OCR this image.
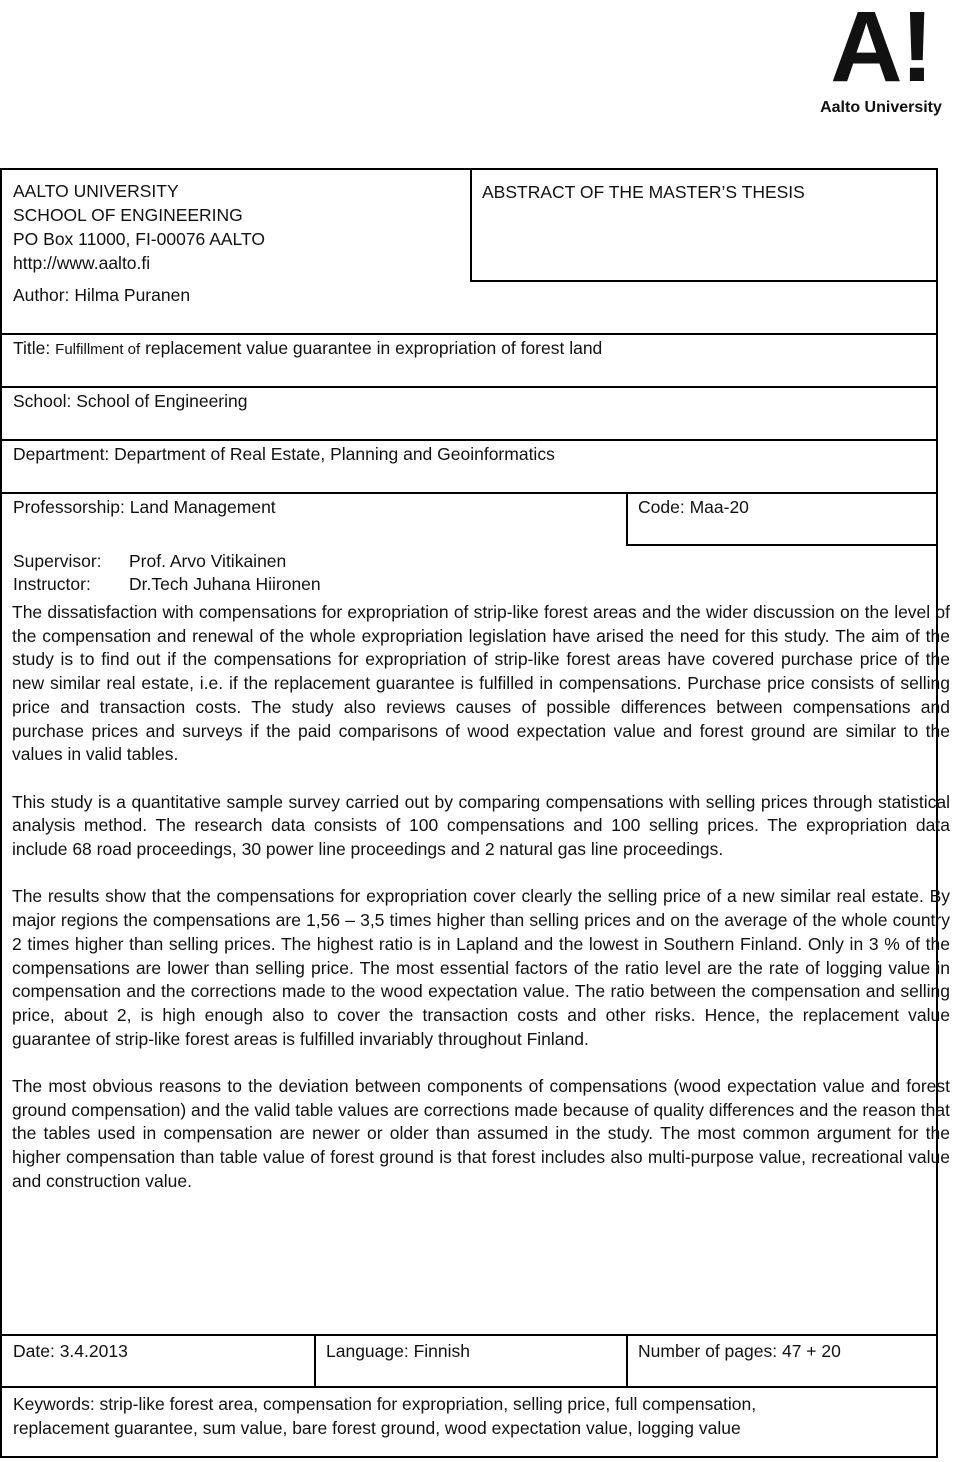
A!
Aalto University
AALTO UNIVERSITY
SCHOOL OF ENGINEERING
PO Box 11000, FI-00076 AALTO
http://www.aalto.fi
ABSTRACT OF THE MASTER’S THESIS
Author: Hilma Puranen
Title: Fulfillment of replacement value guarantee in expropriation of forest land
School: School of Engineering
Department: Department of Real Estate, Planning and Geoinformatics
Professorship: Land Management	Code: Maa-20
Supervisor: Prof. Arvo Vitikainen
Instructor: Dr.Tech Juhana Hiironen
Date: 3.4.2013	Language: Finnish	Number of pages: 47 + 20
Keywords: strip-like forest area, compensation for expropriation, selling price, full compensation,
replacement guarantee, sum value, bare forest ground, wood expectation value, logging value

The dissatisfaction with compensations for expropriation of strip-like forest areas and the wider discussion on the level of the compensation and renewal of the whole expropriation legislation have arised the need for this study. The aim of the study is to find out if the compensations for expropriation of strip-like forest areas have covered purchase price of the new similar real estate, i.e. if the replacement guarantee is fulfilled in compensations. Purchase price consists of selling price and transaction costs. The study also reviews causes of possible differences between compensations and purchase prices and surveys if the paid comparisons of wood expectation value and forest ground are similar to the values in valid tables.

This study is a quantitative sample survey carried out by comparing compensations with selling prices through statistical analysis method. The research data consists of 100 compensations and 100 selling prices. The expropriation data include 68 road proceedings, 30 power line proceedings and 2 natural gas line proceedings.

The results show that the compensations for expropriation cover clearly the selling price of a new similar real estate. By major regions the compensations are 1,56 – 3,5 times higher than selling prices and on the average of the whole country 2 times higher than selling prices. The highest ratio is in Lapland and the lowest in Southern Finland. Only in 3 % of the compensations are lower than selling price. The most essential factors of the ratio level are the rate of logging value in compensation and the corrections made to the wood expectation value. The ratio between the compensation and selling price, about 2, is high enough also to cover the transaction costs and other risks. Hence, the replacement value guarantee of strip-like forest areas is fulfilled invariably throughout Finland.

The most obvious reasons to the deviation between components of compensations (wood expectation value and forest ground compensation) and the valid table values are corrections made because of quality differences and the reason that the tables used in compensation are newer or older than assumed in the study. The most common argument for the higher compensation than table value of forest ground is that forest includes also multi-purpose value, recreational value and construction value.
